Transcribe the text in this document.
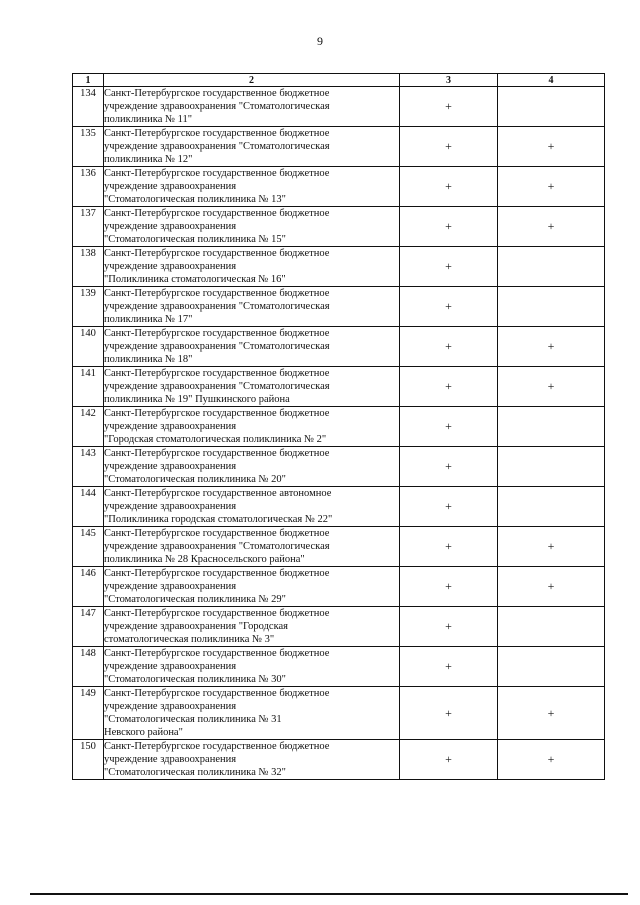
9
1	2	3	4
134	Санкт-Петербургское государственное бюджетное
учреждение здравоохранения "Стоматологическая
поликлиника № 11"	+	
135	Санкт-Петербургское государственное бюджетное
учреждение здравоохранения "Стоматологическая
поликлиника № 12"	+	+
136	Санкт-Петербургское государственное бюджетное
учреждение здравоохранения
"Стоматологическая поликлиника № 13"	+	+
137	Санкт-Петербургское государственное бюджетное
учреждение здравоохранения
"Стоматологическая поликлиника № 15"	+	+
138	Санкт-Петербургское государственное бюджетное
учреждение здравоохранения
"Поликлиника стоматологическая № 16"	+	
139	Санкт-Петербургское государственное бюджетное
учреждение здравоохранения "Стоматологическая
поликлиника № 17"	+	
140	Санкт-Петербургское государственное бюджетное
учреждение здравоохранения "Стоматологическая
поликлиника № 18"	+	+
141	Санкт-Петербургское государственное бюджетное
учреждение здравоохранения "Стоматологическая
поликлиника № 19" Пушкинского района	+	+
142	Санкт-Петербургское государственное бюджетное
учреждение здравоохранения
"Городская стоматологическая поликлиника № 2"	+	
143	Санкт-Петербургское государственное бюджетное
учреждение здравоохранения
"Стоматологическая поликлиника № 20"	+	
144	Санкт-Петербургское государственное автономное
учреждение здравоохранения
"Поликлиника городская стоматологическая № 22"	+	
145	Санкт-Петербургское государственное бюджетное
учреждение здравоохранения "Стоматологическая
поликлиника № 28 Красносельского района"	+	+
146	Санкт-Петербургское государственное бюджетное
учреждение здравоохранения
"Стоматологическая поликлиника № 29"	+	+
147	Санкт-Петербургское государственное бюджетное
учреждение здравоохранения "Городская
стоматологическая поликлиника № 3"	+	
148	Санкт-Петербургское государственное бюджетное
учреждение здравоохранения
"Стоматологическая поликлиника № 30"	+	
149	Санкт-Петербургское государственное бюджетное
учреждение здравоохранения
"Стоматологическая поликлиника № 31
Невского района"	+	+
150	Санкт-Петербургское государственное бюджетное
учреждение здравоохранения
"Стоматологическая поликлиника № 32"	+	+
